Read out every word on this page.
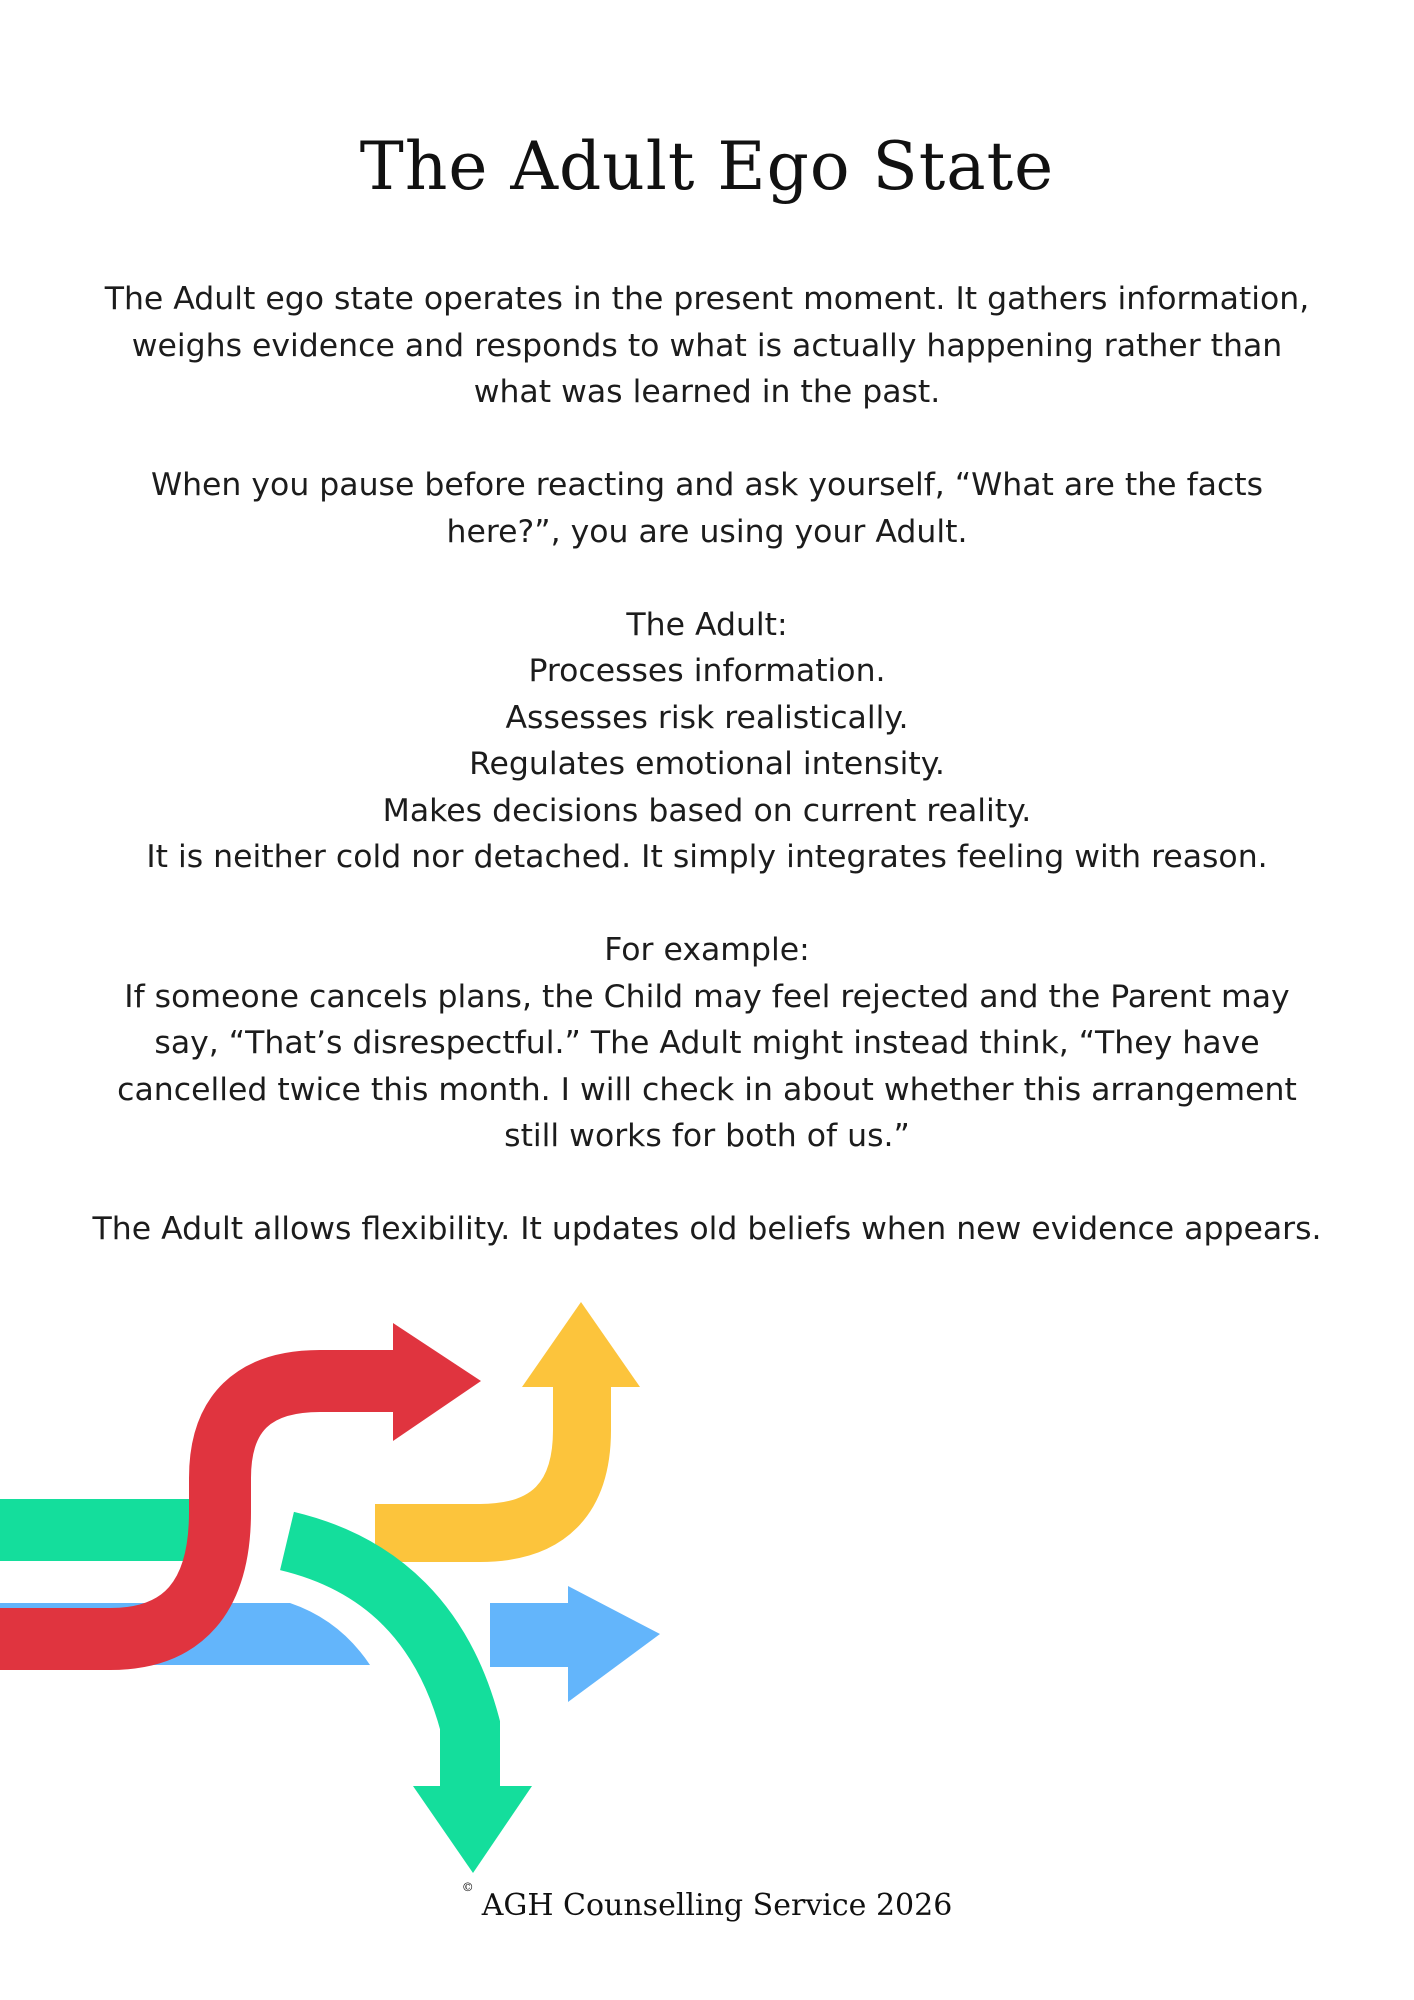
The Adult Ego State

The Adult ego state operates in the present moment. It gathers information, weighs evidence and responds to what is actually happening rather than what was learned in the past.

When you pause before reacting and ask yourself, “What are the facts here?”, you are using your Adult.

The Adult:
Processes information.
Assesses risk realistically.
Regulates emotional intensity.
Makes decisions based on current reality.
It is neither cold nor detached. It simply integrates feeling with reason.

For example:
If someone cancels plans, the Child may feel rejected and the Parent may say, “That’s disrespectful.” The Adult might instead think, “They have cancelled twice this month. I will check in about whether this arrangement still works for both of us.”

The Adult allows flexibility. It updates old beliefs when new evidence appears.

©AGH Counselling Service 2026
